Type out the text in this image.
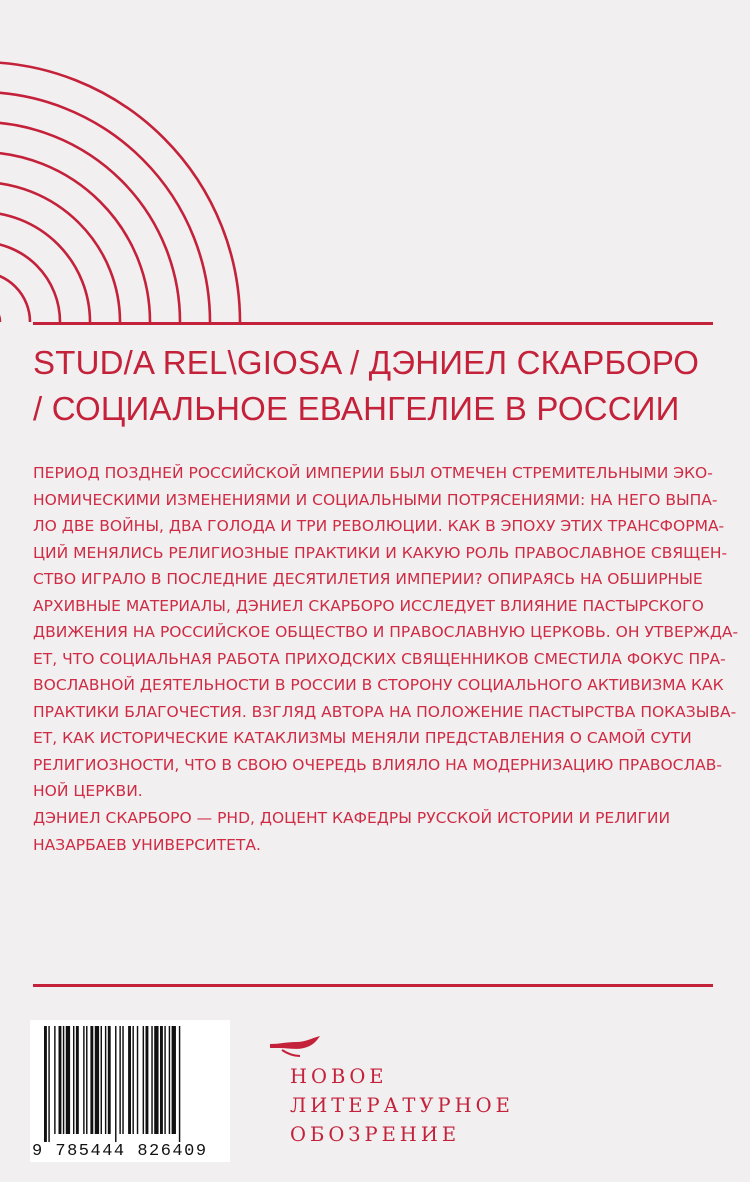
STUD/A REL\GIOSA / ДЭНИЕЛ СКАРБОРО
/ СОЦИАЛЬНОЕ ЕВАНГЕЛИЕ В РОССИИ
ПЕРИОД ПОЗДНЕЙ РОССИЙСКОЙ ИМПЕРИИ БЫЛ ОТМЕЧЕН СТРЕМИТЕЛЬНЫМИ ЭКО-
НОМИЧЕСКИМИ ИЗМЕНЕНИЯМИ И СОЦИАЛЬНЫМИ ПОТРЯСЕНИЯМИ: НА НЕГО ВЫПА-
ЛО ДВЕ ВОЙНЫ, ДВА ГОЛОДА И ТРИ РЕВОЛЮЦИИ. КАК В ЭПОХУ ЭТИХ ТРАНСФОРМА-
ЦИЙ МЕНЯЛИСЬ РЕЛИГИОЗНЫЕ ПРАКТИКИ И КАКУЮ РОЛЬ ПРАВОСЛАВНОЕ СВЯЩЕН-
СТВО ИГРАЛО В ПОСЛЕДНИЕ ДЕСЯТИЛЕТИЯ ИМПЕРИИ? ОПИРАЯСЬ НА ОБШИРНЫЕ
АРХИВНЫЕ МАТЕРИАЛЫ, ДЭНИЕЛ СКАРБОРО ИССЛЕДУЕТ ВЛИЯНИЕ ПАСТЫРСКОГО
ДВИЖЕНИЯ НА РОССИЙСКОЕ ОБЩЕСТВО И ПРАВОСЛАВНУЮ ЦЕРКОВЬ. ОН УТВЕРЖДА-
ЕТ, ЧТО СОЦИАЛЬНАЯ РАБОТА ПРИХОДСКИХ СВЯЩЕННИКОВ СМЕСТИЛА ФОКУС ПРА-
ВОСЛАВНОЙ ДЕЯТЕЛЬНОСТИ В РОССИИ В СТОРОНУ СОЦИАЛЬНОГО АКТИВИЗМА КАК
ПРАКТИКИ БЛАГОЧЕСТИЯ. ВЗГЛЯД АВТОРА НА ПОЛОЖЕНИЕ ПАСТЫРСТВА ПОКАЗЫВА-
ЕТ, КАК ИСТОРИЧЕСКИЕ КАТАКЛИЗМЫ МЕНЯЛИ ПРЕДСТАВЛЕНИЯ О САМОЙ СУТИ
РЕЛИГИОЗНОСТИ, ЧТО В СВОЮ ОЧЕРЕДЬ ВЛИЯЛО НА МОДЕРНИЗАЦИЮ ПРАВОСЛАВ-
НОЙ ЦЕРКВИ.
ДЭНИЕЛ СКАРБОРО — PHD, ДОЦЕНТ КАФЕДРЫ РУССКОЙ ИСТОРИИ И РЕЛИГИИ
НАЗАРБАЕВ УНИВЕРСИТЕТА.
9 785444 826409
НОВОЕ
ЛИТЕРАТУРНОЕ
ОБОЗРЕНИЕ
